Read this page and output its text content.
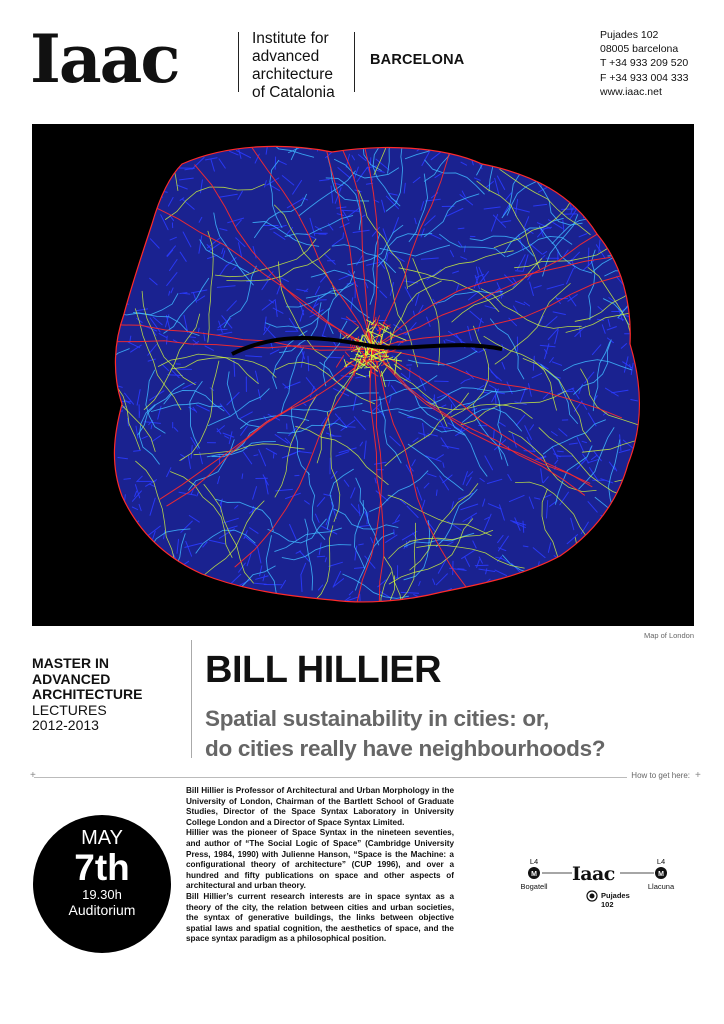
Iaac	Institute for
advanced
architecture
of Catalonia
BARCELONA
Pujades 102
08005 barcelona
T +34 933 209 520
F +34 933 004 333
www.iaac.net
Map of London
MASTER IN
ADVANCED
ARCHITECTURE
LECTURES
2012-2013
BILL HILLIER
Spatial sustainability in cities: or,
do cities really have neighbourhoods?
+	+
How to get here:

Bill Hillier is Professor of Architectural and Urban Morphology in the University of London, Chairman of the Bartlett School of Graduate Studies, Director of the Space Syntax Laboratory in University College London and a Director of Space Syntax Limited.

Hillier was the pioneer of Space Syntax in the nineteen seventies, and author of “The Social Logic of Space” (Cambridge University Press, 1984, 1990) with Julienne Hanson, “Space is the Machine: a configurational theory of architecture” (CUP 1996), and over a hundred and fifty publications on space and other aspects of architectural and urban theory.

Bill Hillier’s current research interests are in space syntax as a theory of the city, the relation between cities and urban societies, the syntax of generative buildings, the links between objective spatial laws and spatial cognition, the aesthetics of space, and the space syntax paradigm as a philosophical position.

MAY
7th
19.30h
Auditorium
L4
M
Bogatell
Iaac
Pujades
102
L4
M
Llacuna
